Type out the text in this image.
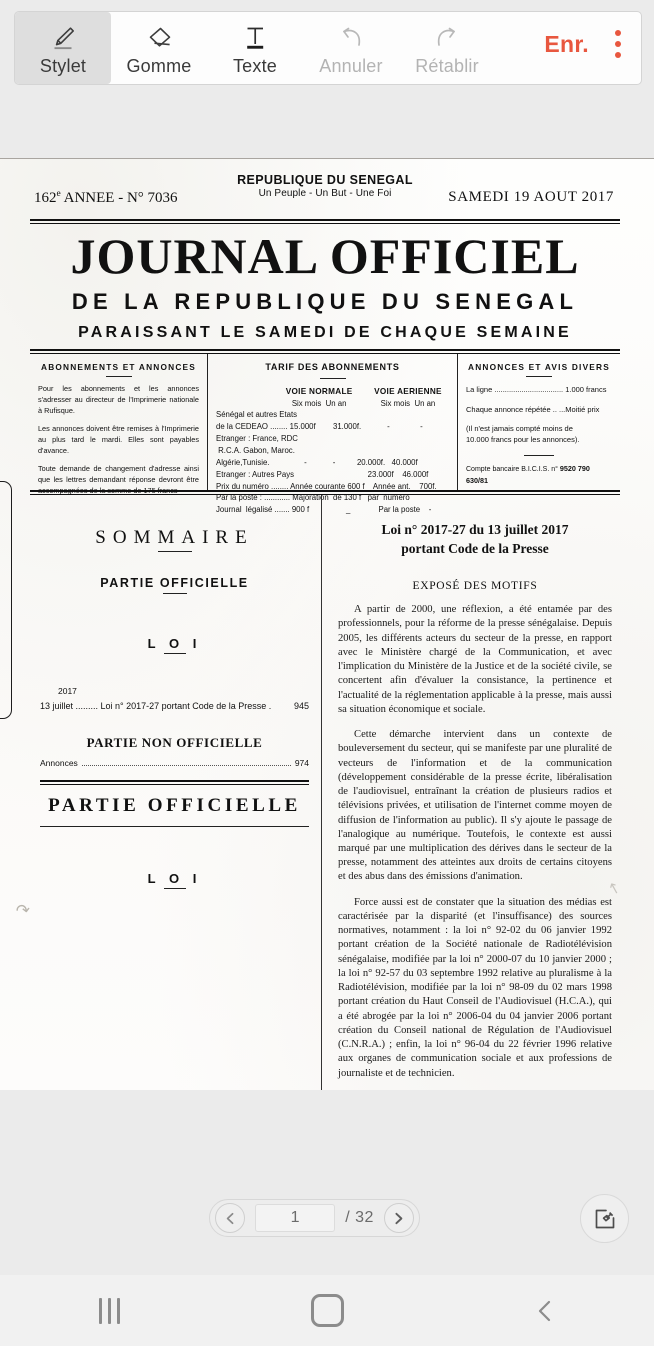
Stylet Gomme Texte Annuler Rétablir
Enr.
↷
↖
162e ANNEE - N° 7036
REPUBLIQUE DU SENEGAL
Un Peuple - Un But - Une Foi	SAMEDI 19 AOUT 2017
JOURNAL OFFICIEL
DE LA REPUBLIQUE DU SENEGAL
PARAISSANT LE SAMEDI DE CHAQUE SEMAINE
ABONNEMENTS ET ANNONCES
Pour les abonnements et les annonces s'adresser au directeur de l'Imprimerie nationale à Rufisque.
Les annonces doivent être remises à l'Imprimerie au plus tard le mardi. Elles sont payables d'avance.
Toute demande de changement d'adresse ainsi que les lettres demandant réponse devront être accompagnées de la somme de 175 francs
TARIF DES ABONNEMENTS
VOIE NORMALE	VOIE AERIENNE
Six mois Un an	Six mois Un an
Sénégal et autres Etats
de la CEDEAO ........ 15.000f        31.000f.            -              -
Etranger : France, RDC
R.C.A. Gabon, Maroc.
Algérie,Tunisie.                -            -          20.000f.   40.000f
Etranger : Autres Pays                                  23.000f    46.000f
Prix du numéro ........ Année courante 600 f    Année ant.    700f.
Par la poste : ............ Majoration  de 130 f   par  numéro
Journal  légalisé ....... 900 f                 _             Par la poste    -
ANNONCES ET AVIS DIVERS
La ligne ................................. 1.000 francs
Chaque annonce répétée .. ...Moitié prix
(Il n'est jamais compté moins de
10.000 francs pour les annonces).
Compte bancaire B.I.C.I.S. n° 9520 790 630/81
SOMMAIRE
PARTIE OFFICIELLE
L O I
2017
13 juillet ......... Loi n° 2017-27 portant Code de la Presse .	945
PARTIE NON OFFICIELLE
Annonces	974
PARTIE OFFICIELLE
L O I
Loi n° 2017-27 du 13 juillet 2017
portant Code de la Presse
EXPOSÉ DES MOTIFS
A partir de 2000, une réflexion, a été entamée par des professionnels, pour la réforme de la presse sénégalaise. Depuis 2005, les différents acteurs du secteur de la presse, en rapport avec le Ministère chargé de la Communication, et avec l'implication du Ministère de la Justice et de la société civile, se concertent afin d'évaluer la consistance, la pertinence et l'actualité de la réglementation applicable à la presse, mais aussi sa situation économique et sociale.
Cette démarche intervient dans un contexte de bouleversement du secteur, qui se manifeste par une pluralité de vecteurs de l'information et de la communication (développement considérable de la presse écrite, libéralisation de l'audiovisuel, entraînant la création de plusieurs radios et télévisions privées, et utilisation de l'internet comme moyen de diffusion de l'information au public). Il s'y ajoute le passage de l'analogique au numérique. Toutefois, le contexte est aussi marqué par une multiplication des dérives dans le secteur de la presse, notamment des atteintes aux droits de certains citoyens et des abus dans des émissions d'animation.
Force aussi est de constater que la situation des médias est caractérisée par la disparité (et l'insuffisance) des sources normatives, notamment : la loi n° 92-02 du 06 janvier 1992 portant création de la Société nationale de Radiotélévision sénégalaise, modifiée par la loi n° 2000-07 du 10 janvier 2000 ; la loi n° 92-57 du 03 septembre 1992 relative au pluralisme à la Radiotélévision, modifiée par la loi n° 98-09 du 02 mars 1998 portant création du Haut Conseil de l'Audiovisuel (H.C.A.), qui a été abrogée par la loi n° 2006-04 du 04 janvier 2006 portant création du Conseil national de Régulation de l'Audiovisuel (C.N.R.A.) ; enfin, la loi n° 96-04 du 22 février 1996 relative aux organes de communication sociale et aux professions de journaliste et de technicien.
1	/ 32
